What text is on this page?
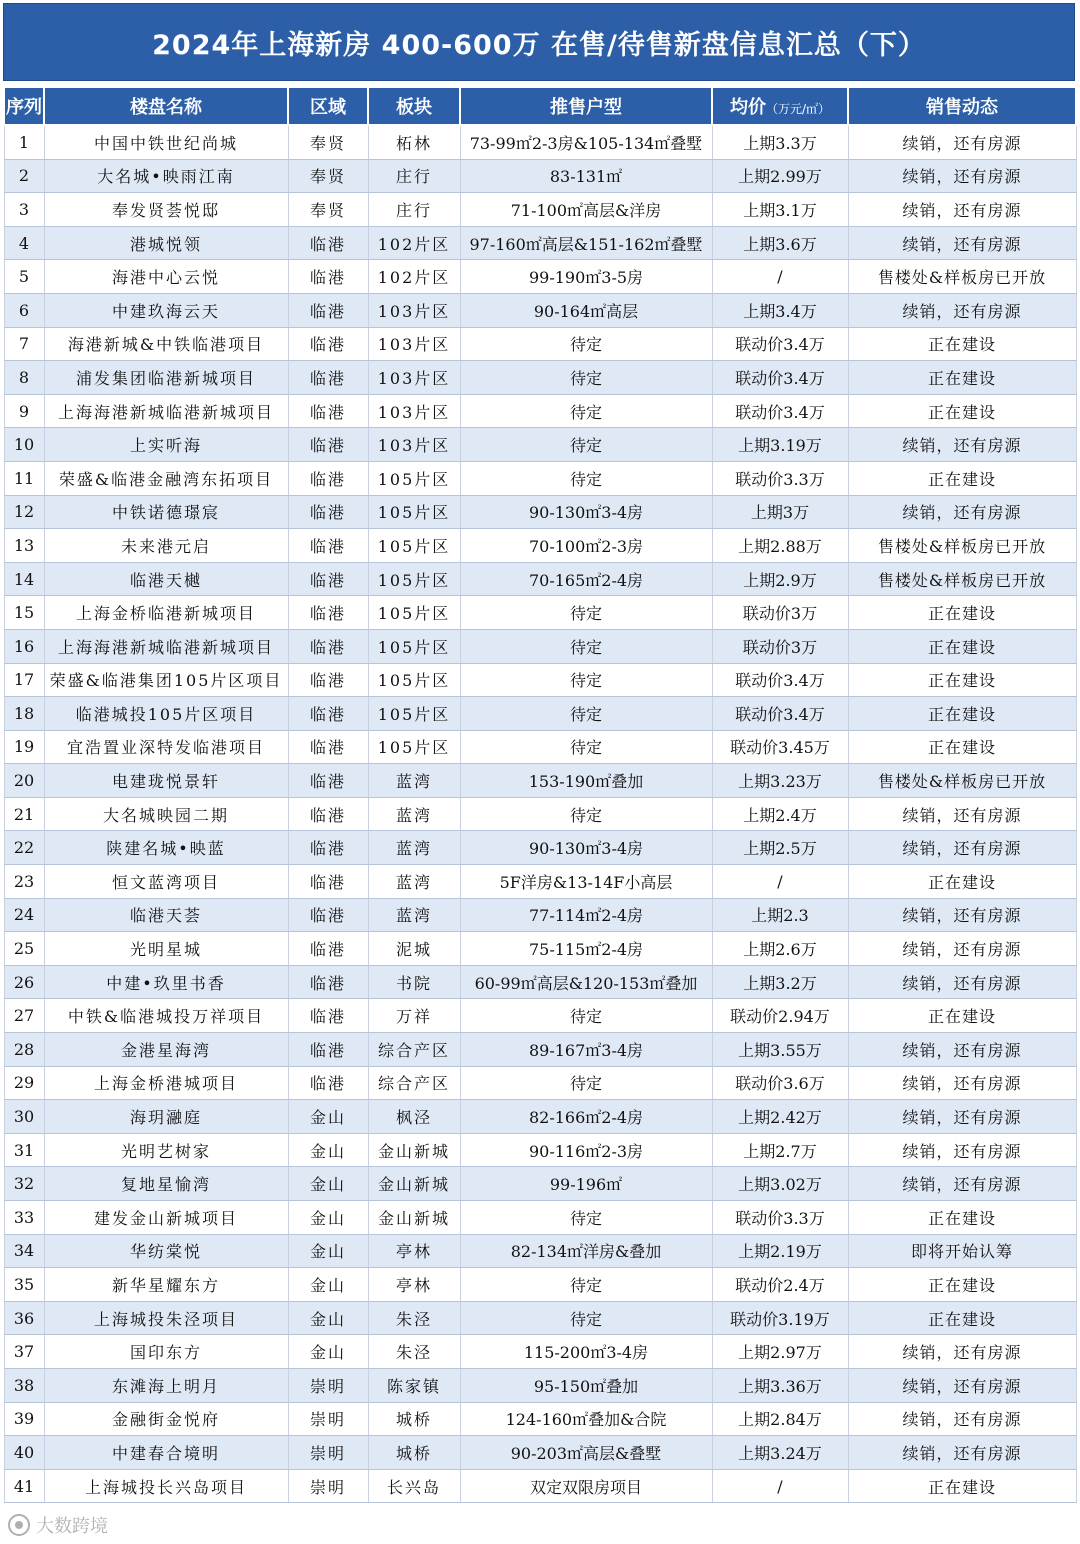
2024年上海新房 400-600万 在售/待售新盘信息汇总（下）
序列	楼盘名称	区域	板块	推售户型	均价（万元/㎡）	销售动态
1	中国中铁世纪尚城	奉贤	柘林	73-99㎡2-3房&105-134㎡叠墅	上期3.3万	续销，还有房源
2	大名城•映雨江南	奉贤	庄行	83-131㎡	上期2.99万	续销，还有房源
3	奉发贤荟悦邸	奉贤	庄行	71-100㎡高层&洋房	上期3.1万	续销，还有房源
4	港城悦领	临港	102片区	97-160㎡高层&151-162㎡叠墅	上期3.6万	续销，还有房源
5	海港中心云悦	临港	102片区	99-190㎡3-5房	/	售楼处&样板房已开放
6	中建玖海云天	临港	103片区	90-164㎡高层	上期3.4万	续销，还有房源
7	海港新城&中铁临港项目	临港	103片区	待定	联动价3.4万	正在建设
8	浦发集团临港新城项目	临港	103片区	待定	联动价3.4万	正在建设
9	上海海港新城临港新城项目	临港	103片区	待定	联动价3.4万	正在建设
10	上实听海	临港	103片区	待定	上期3.19万	续销，还有房源
11	荣盛&临港金融湾东拓项目	临港	105片区	待定	联动价3.3万	正在建设
12	中铁诺德璟宸	临港	105片区	90-130㎡3-4房	上期3万	续销，还有房源
13	未来港元启	临港	105片区	70-100㎡2-3房	上期2.88万	售楼处&样板房已开放
14	临港天樾	临港	105片区	70-165㎡2-4房	上期2.9万	售楼处&样板房已开放
15	上海金桥临港新城项目	临港	105片区	待定	联动价3万	正在建设
16	上海海港新城临港新城项目	临港	105片区	待定	联动价3万	正在建设
17	荣盛&临港集团105片区项目	临港	105片区	待定	联动价3.4万	正在建设
18	临港城投105片区项目	临港	105片区	待定	联动价3.4万	正在建设
19	宜浩置业深特发临港项目	临港	105片区	待定	联动价3.45万	正在建设
20	电建珑悦景轩	临港	蓝湾	153-190㎡叠加	上期3.23万	售楼处&样板房已开放
21	大名城映园二期	临港	蓝湾	待定	上期2.4万	续销，还有房源
22	陕建名城•映蓝	临港	蓝湾	90-130㎡3-4房	上期2.5万	续销，还有房源
23	恒文蓝湾项目	临港	蓝湾	5F洋房&13-14F小高层	/	正在建设
24	临港天荟	临港	蓝湾	77-114㎡2-4房	上期2.3	续销，还有房源
25	光明星城	临港	泥城	75-115㎡2-4房	上期2.6万	续销，还有房源
26	中建•玖里书香	临港	书院	60-99㎡高层&120-153㎡叠加	上期3.2万	续销，还有房源
27	中铁&临港城投万祥项目	临港	万祥	待定	联动价2.94万	正在建设
28	金港星海湾	临港	综合产区	89-167㎡3-4房	上期3.55万	续销，还有房源
29	上海金桥港城项目	临港	综合产区	待定	联动价3.6万	续销，还有房源
30	海玥瀜庭	金山	枫泾	82-166㎡2-4房	上期2.42万	续销，还有房源
31	光明艺树家	金山	金山新城	90-116㎡2-3房	上期2.7万	续销，还有房源
32	复地星愉湾	金山	金山新城	99-196㎡	上期3.02万	续销，还有房源
33	建发金山新城项目	金山	金山新城	待定	联动价3.3万	正在建设
34	华纺棠悦	金山	亭林	82-134㎡洋房&叠加	上期2.19万	即将开始认筹
35	新华星耀东方	金山	亭林	待定	联动价2.4万	正在建设
36	上海城投朱泾项目	金山	朱泾	待定	联动价3.19万	正在建设
37	国印东方	金山	朱泾	115-200㎡3-4房	上期2.97万	续销，还有房源
38	东滩海上明月	崇明	陈家镇	95-150㎡叠加	上期3.36万	续销，还有房源
39	金融街金悦府	崇明	城桥	124-160㎡叠加&合院	上期2.84万	续销，还有房源
40	中建春合境明	崇明	城桥	90-203㎡高层&叠墅	上期3.24万	续销，还有房源
41	上海城投长兴岛项目	崇明	长兴岛	双定双限房项目	/	正在建设
大数跨境
